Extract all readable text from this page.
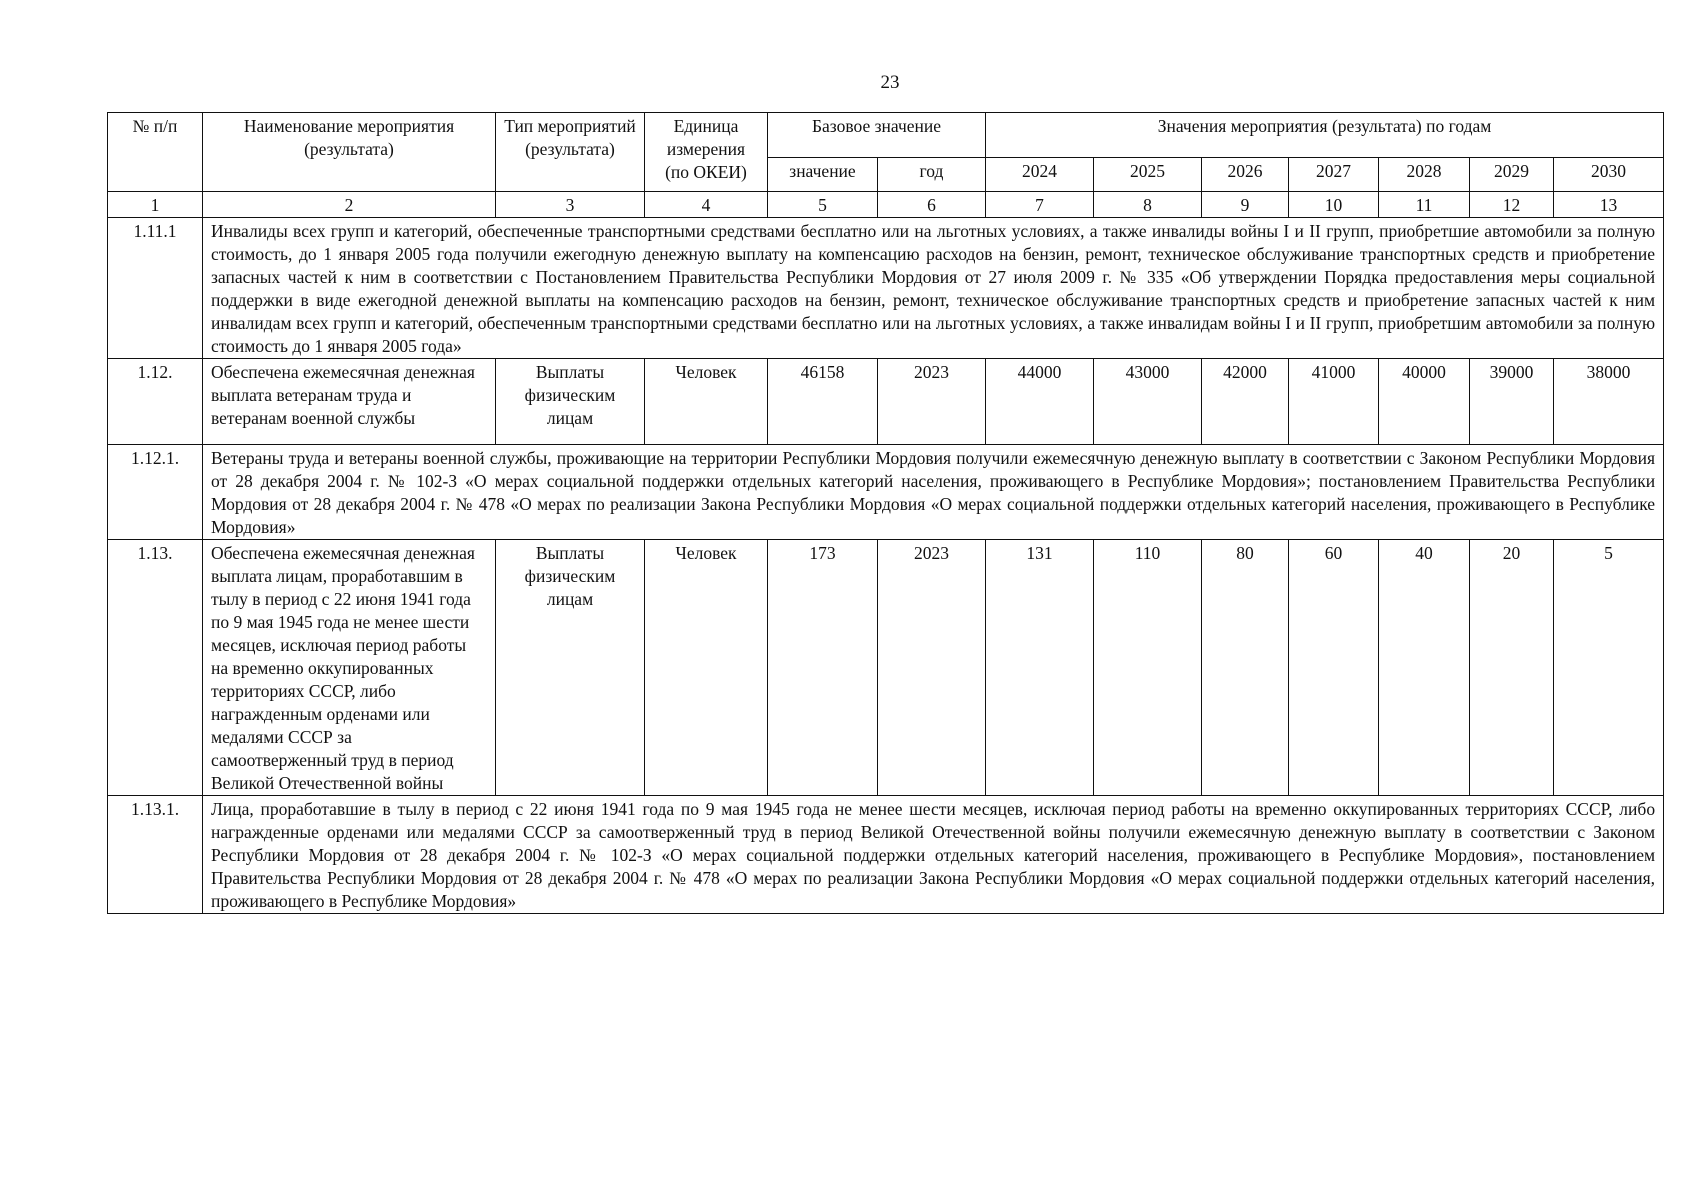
23
№ п/п	Наименование мероприятия (результата)	Тип мероприятий (результата)	Единица измерения (по ОКЕИ)	Базовое значение		Значения мероприятия (результата) по годам						
				значение	год	2024	2025	2026	2027	2028	2029	2030
1	2	3	4	5	6	7	8	9	10	11	12	13
1.11.1	Инвалиды всех групп и категорий, обеспеченные транспортными средствами бесплатно или на льготных условиях, а также инвалиды войны I и II групп, приобретшие автомобили за полную стоимость, до 1 января 2005 года получили ежегодную денежную выплату на компенсацию расходов на бензин, ремонт, техническое обслуживание транспортных средств и приобретение запасных частей к ним в соответствии с Постановлением Правительства Республики Мордовия от 27 июля 2009 г. № 335 «Об утверждении Порядка предоставления меры социальной поддержки в виде ежегодной денежной выплаты на компенсацию расходов на бензин, ремонт, техническое обслуживание транспортных средств и приобретение запасных частей к ним инвалидам всех групп и категорий, обеспеченным транспортными средствами бесплатно или на льготных условиях, а также инвалидам войны I и II групп, приобретшим автомобили за полную стоимость до 1 января 2005 года»											
1.12.	Обеспечена ежемесячная денежная выплата ветеранам труда и ветеранам военной службы	Выплаты физическим лицам	Человек	46158	2023	44000	43000	42000	41000	40000	39000	38000
1.12.1.	Ветераны труда и ветераны военной службы, проживающие на территории Республики Мордовия получили ежемесячную денежную выплату в соответствии с Законом Республики Мордовия от 28 декабря 2004 г. № 102-З «О мерах социальной поддержки отдельных категорий населения, проживающего в Республике Мордовия»; постановлением Правительства Республики Мордовия от 28 декабря 2004 г. № 478 «О мерах по реализации Закона Республики Мордовия «О мерах социальной поддержки отдельных категорий населения, проживающего в Республике Мордовия»											
1.13.	Обеспечена ежемесячная денежная выплата лицам, проработавшим в тылу в период с 22 июня 1941 года по 9 мая 1945 года не менее шести месяцев, исключая период работы на временно оккупированных территориях СССР, либо награжденным орденами или медалями СССР за самоотверженный труд в период Великой Отечественной войны	Выплаты физическим лицам	Человек	173	2023	131	110	80	60	40	20	5
1.13.1.	Лица, проработавшие в тылу в период с 22 июня 1941 года по 9 мая 1945 года не менее шести месяцев, исключая период работы на временно оккупированных территориях СССР, либо награжденные орденами или медалями СССР за самоотверженный труд в период Великой Отечественной войны получили ежемесячную денежную выплату в соответствии с Законом Республики Мордовия от 28 декабря 2004 г. № 102-З «О мерах социальной поддержки отдельных категорий населения, проживающего в Республике Мордовия», постановлением Правительства Республики Мордовия от 28 декабря 2004 г. № 478 «О мерах по реализации Закона Республики Мордовия «О мерах социальной поддержки отдельных категорий населения, проживающего в Республике Мордовия»											
